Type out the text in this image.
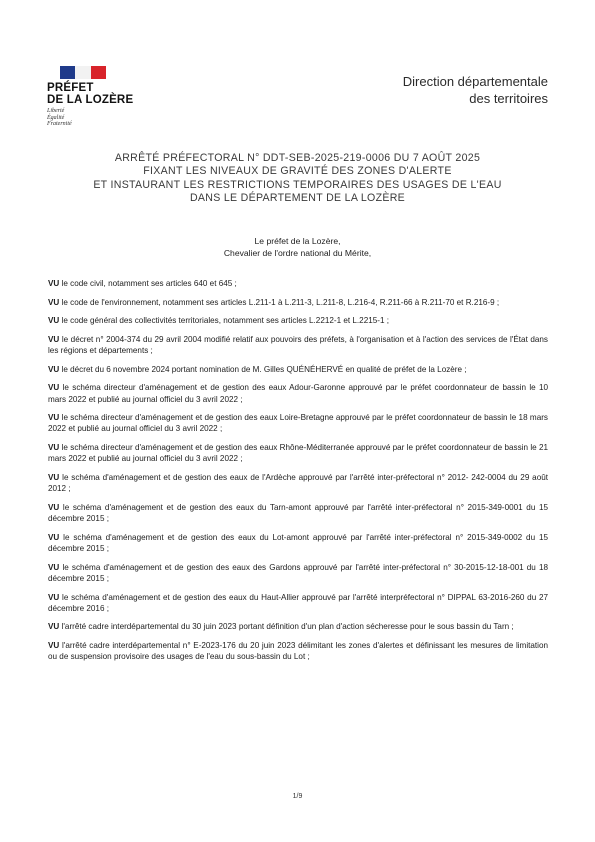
PRÉFET
DE LA LOZÈRE
Liberté
Égalité
Fraternité
Direction départementale
des territoires
ARRÊTÉ PRÉFECTORAL N° DDT-SEB-2025-219-0006 DU 7 AOÛT 2025
FIXANT LES NIVEAUX DE GRAVITÉ DES ZONES D'ALERTE
ET INSTAURANT LES RESTRICTIONS TEMPORAIRES DES USAGES DE L'EAU
DANS LE DÉPARTEMENT DE LA LOZÈRE
Le préfet de la Lozère,
Chevalier de l'ordre national du Mérite,

VU le code civil, notamment ses articles 640 et 645 ;

VU le code de l'environnement, notamment ses articles L.211-1 à L.211-3, L.211-8, L.216-4, R.211-66 à R.211-70 et R.216-9 ;

VU le code général des collectivités territoriales, notamment ses articles L.2212-1 et L.2215-1 ;

VU le décret n° 2004-374 du 29 avril 2004 modifié relatif aux pouvoirs des préfets, à l'organisation et à l'action des services de l'État dans les régions et départements ;

VU le décret du 6 novembre 2024 portant nomination de M. Gilles QUÉNÉHERVÉ en qualité de préfet de la Lozère ;

VU le schéma directeur d'aménagement et de gestion des eaux Adour-Garonne approuvé par le préfet coordonnateur de bassin le 10 mars 2022 et publié au journal officiel du 3 avril 2022 ;

VU le schéma directeur d'aménagement et de gestion des eaux Loire-Bretagne approuvé par le préfet coordonnateur de bassin le 18 mars 2022 et publié au journal officiel du 3 avril 2022 ;

VU le schéma directeur d'aménagement et de gestion des eaux Rhône-Méditerranée approuvé par le préfet coordonnateur de bassin le 21 mars 2022 et publié au journal officiel du 3 avril 2022 ;

VU le schéma d'aménagement et de gestion des eaux de l'Ardèche approuvé par l'arrêté inter-préfectoral n° 2012- 242-0004 du 29 août 2012 ;

VU le schéma d'aménagement et de gestion des eaux du Tarn-amont approuvé par l'arrêté inter-préfectoral n° 2015-349-0001 du 15 décembre 2015 ;

VU le schéma d'aménagement et de gestion des eaux du Lot-amont approuvé par l'arrêté inter-préfectoral n° 2015-349-0002 du 15 décembre 2015 ;

VU le schéma d'aménagement et de gestion des eaux des Gardons approuvé par l'arrêté inter-préfectoral n° 30-2015-12-18-001 du 18 décembre 2015 ;

VU le schéma d'aménagement et de gestion des eaux du Haut-Allier approuvé par l'arrêté interpréfectoral n° DIPPAL 63-2016-260 du 27 décembre 2016 ;

VU l'arrêté cadre interdépartemental du 30 juin 2023 portant définition d'un plan d'action sécheresse pour le sous bassin du Tarn ;

VU l'arrêté cadre interdépartemental n° E-2023-176 du 20 juin 2023 délimitant les zones d'alertes et définissant les mesures de limitation ou de suspension provisoire des usages de l'eau du sous-bassin du Lot ;

1/9
